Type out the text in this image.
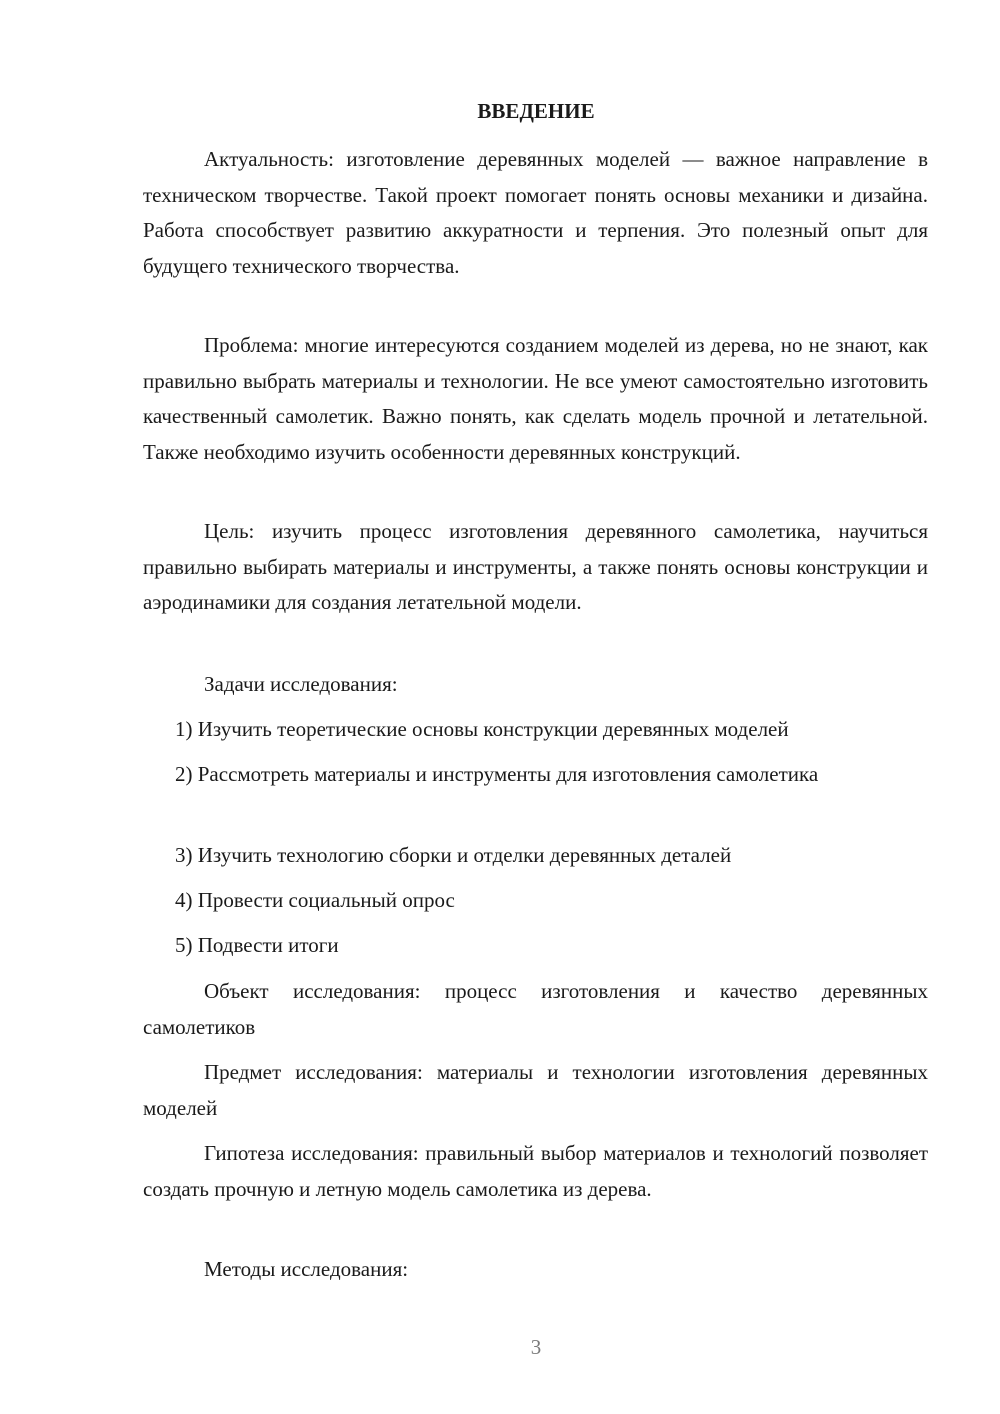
ВВЕДЕНИЕ

Актуальность: изготовление деревянных моделей — важное направление в техническом творчестве. Такой проект помогает понять основы механики и дизайна. Работа способствует развитию аккуратности и терпения. Это полезный опыт для будущего технического творчества.

Проблема: многие интересуются созданием моделей из дерева, но не знают, как правильно выбрать материалы и технологии. Не все умеют самостоятельно изготовить качественный самолетик. Важно понять, как сделать модель прочной и летательной. Также необходимо изучить особенности деревянных конструкций.

Цель: изучить процесс изготовления деревянного самолетика, научиться правильно выбирать материалы и инструменты, а также понять основы конструкции и аэродинамики для создания летательной модели.

Задачи исследования:

1) Изучить теоретические основы конструкции деревянных моделей

2) Рассмотреть материалы и инструменты для изготовления самолетика

3) Изучить технологию сборки и отделки деревянных деталей

4) Провести социальный опрос

5) Подвести итоги

Объект исследования: процесс изготовления и качество деревянных самолетиков

Предмет исследования: материалы и технологии изготовления деревянных моделей

Гипотеза исследования: правильный выбор материалов и технологий позволяет создать прочную и летную модель самолетика из дерева.

Методы исследования:

3
